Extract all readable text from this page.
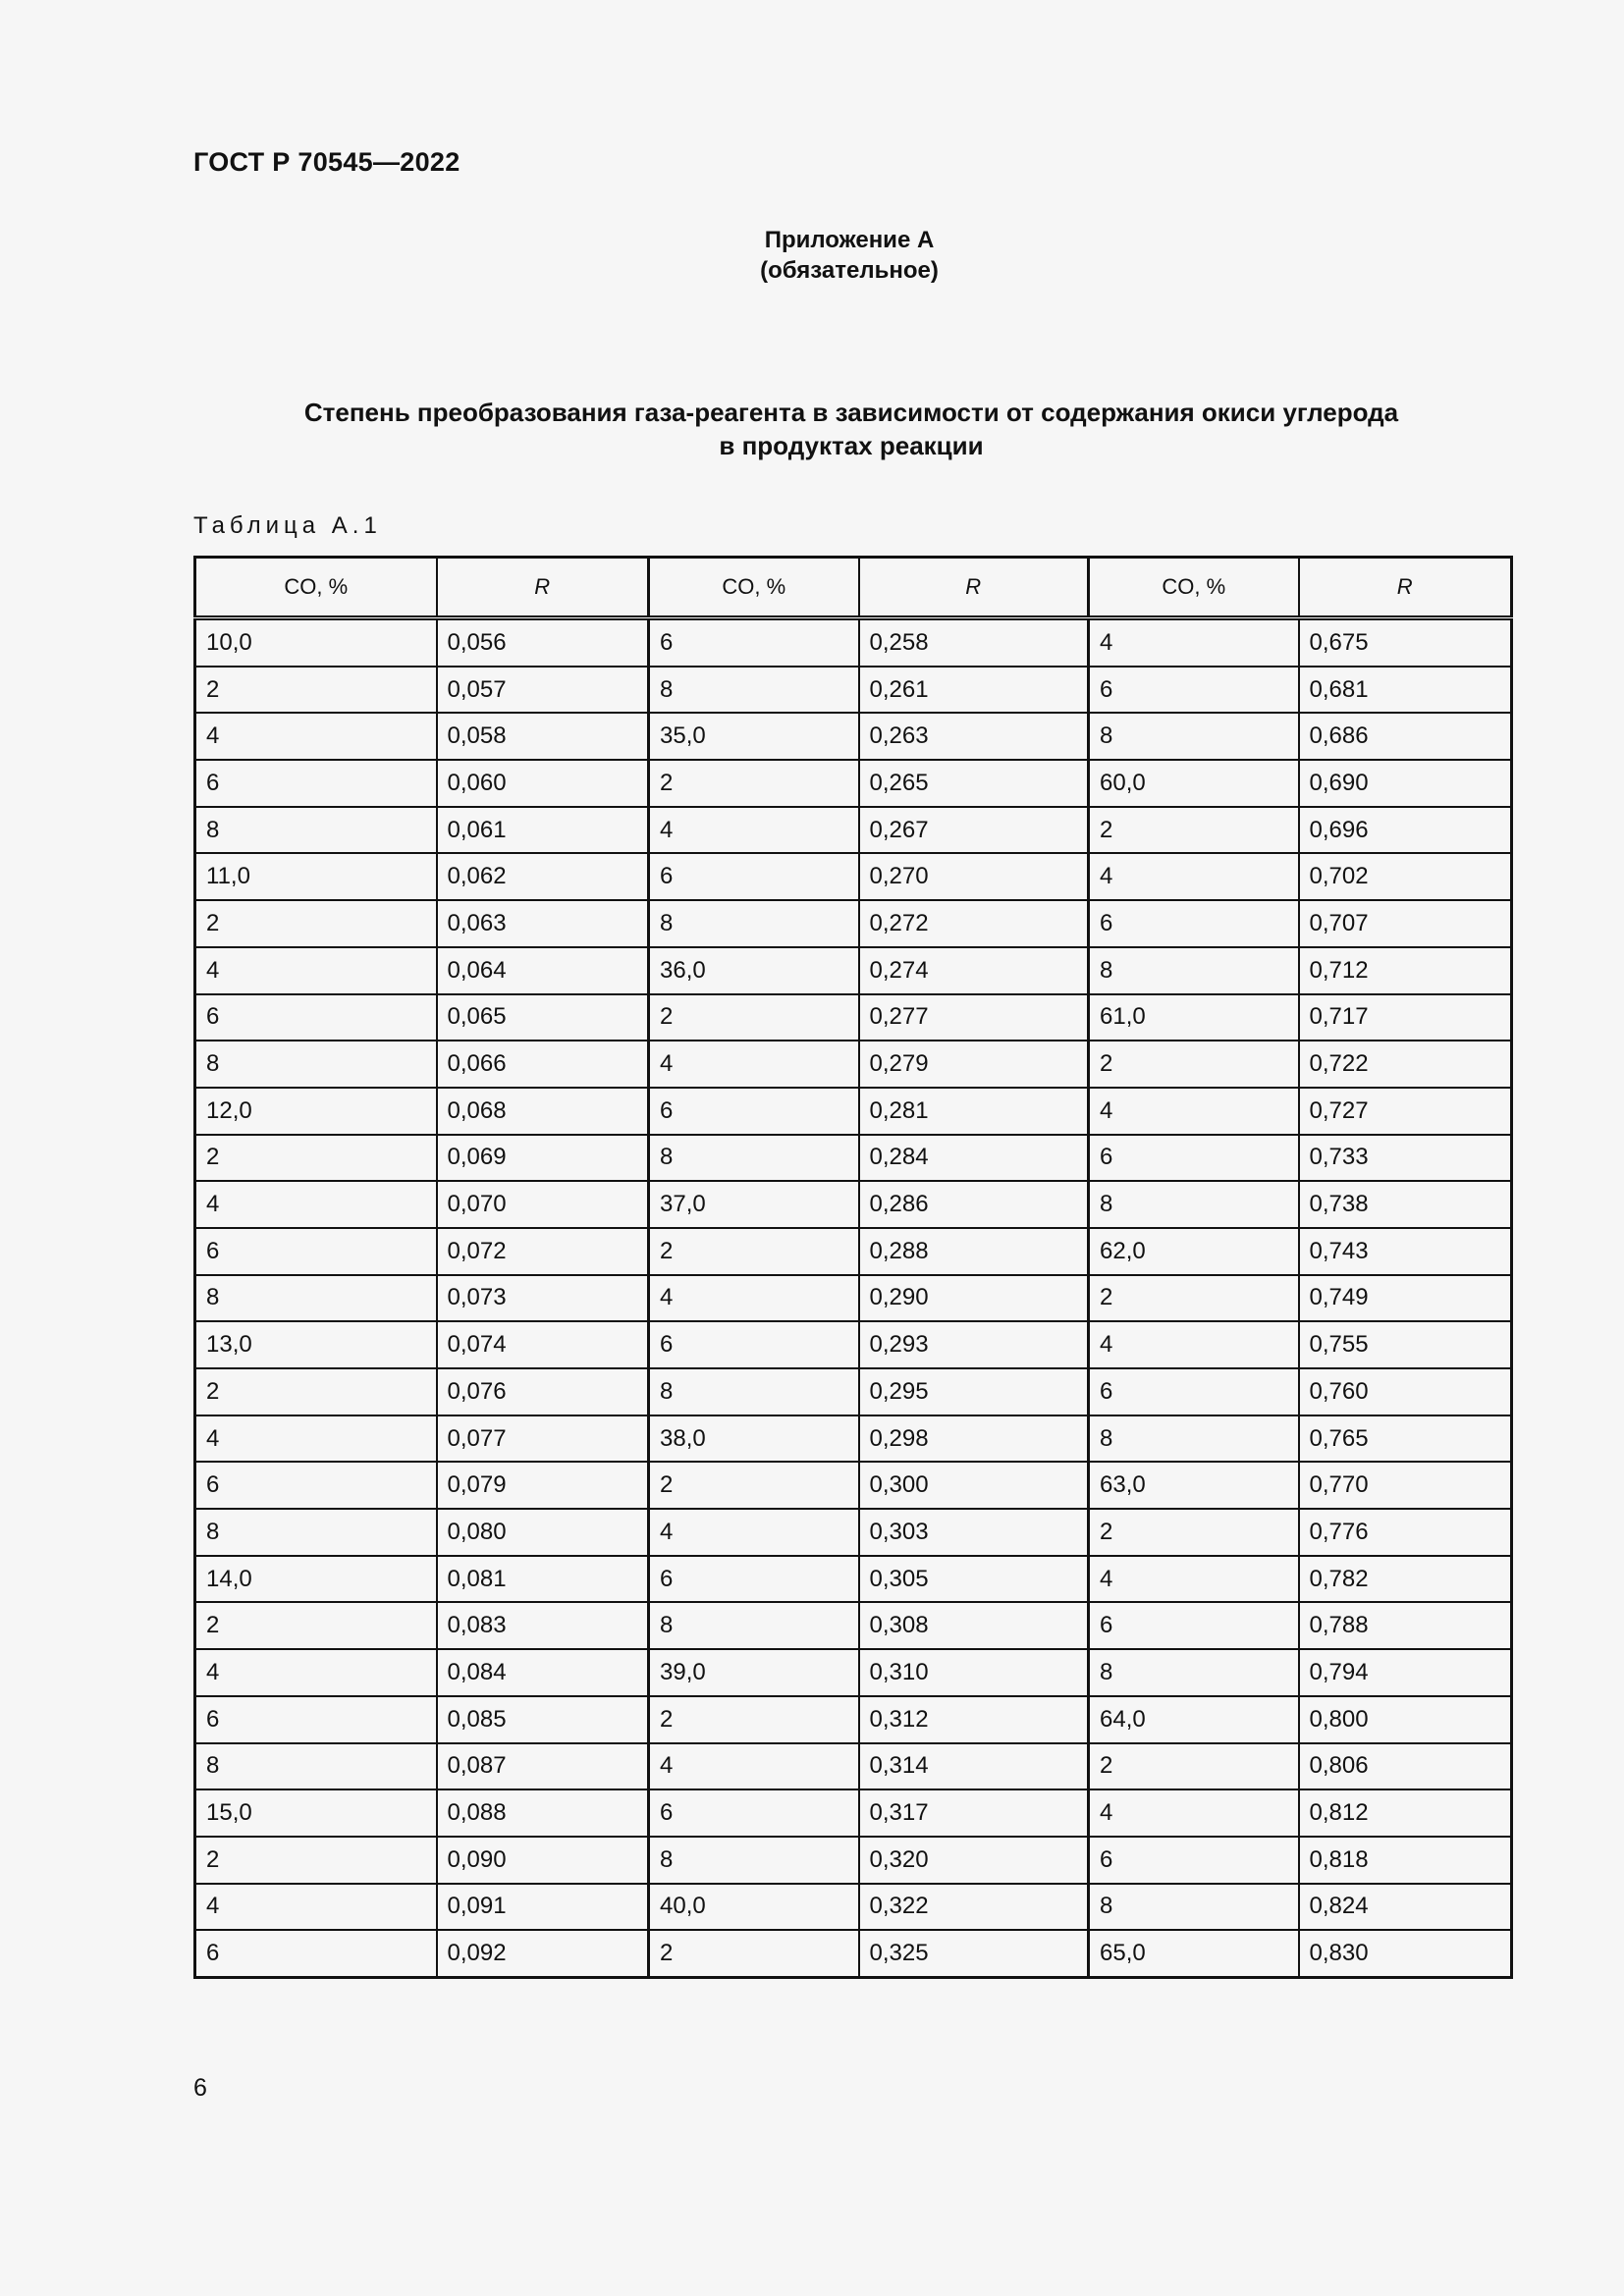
ГОСТ Р 70545—2022
Приложение А
(обязательное)
Степень преобразования газа-реагента в зависимости от содержания окиси углерода
в продуктах реакции
Таблица А.1
CO, %	R	CO, %	R	CO, %	R
10,0	0,056	6	0,258	4	0,675
2	0,057	8	0,261	6	0,681
4	0,058	35,0	0,263	8	0,686
6	0,060	2	0,265	60,0	0,690
8	0,061	4	0,267	2	0,696
11,0	0,062	6	0,270	4	0,702
2	0,063	8	0,272	6	0,707
4	0,064	36,0	0,274	8	0,712
6	0,065	2	0,277	61,0	0,717
8	0,066	4	0,279	2	0,722
12,0	0,068	6	0,281	4	0,727
2	0,069	8	0,284	6	0,733
4	0,070	37,0	0,286	8	0,738
6	0,072	2	0,288	62,0	0,743
8	0,073	4	0,290	2	0,749
13,0	0,074	6	0,293	4	0,755
2	0,076	8	0,295	6	0,760
4	0,077	38,0	0,298	8	0,765
6	0,079	2	0,300	63,0	0,770
8	0,080	4	0,303	2	0,776
14,0	0,081	6	0,305	4	0,782
2	0,083	8	0,308	6	0,788
4	0,084	39,0	0,310	8	0,794
6	0,085	2	0,312	64,0	0,800
8	0,087	4	0,314	2	0,806
15,0	0,088	6	0,317	4	0,812
2	0,090	8	0,320	6	0,818
4	0,091	40,0	0,322	8	0,824
6	0,092	2	0,325	65,0	0,830
6
